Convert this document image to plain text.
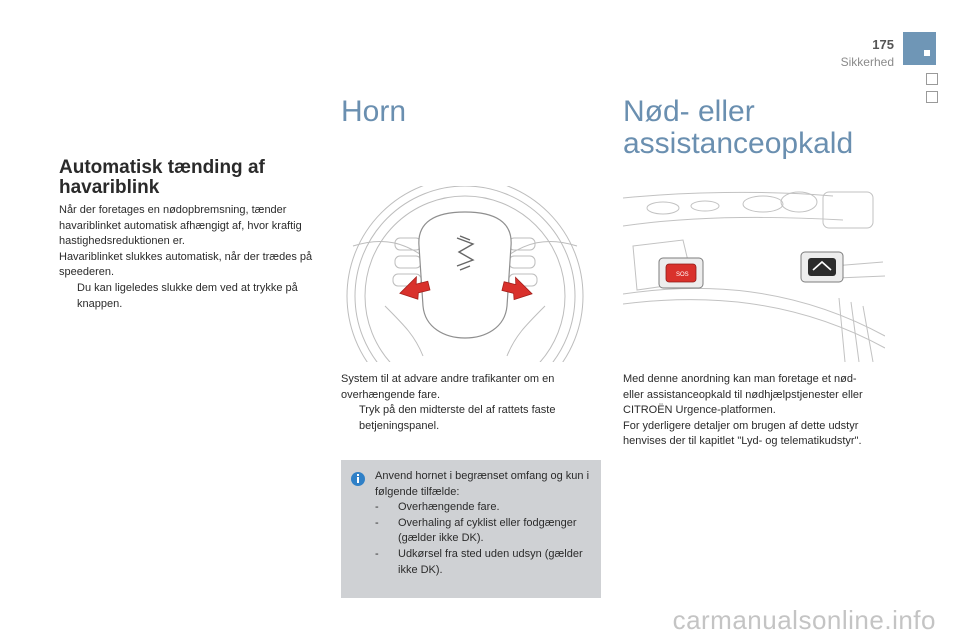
175
Sikkerhed
Automatisk tænding af
havariblink

Når der foretages en nødopbremsning, tænder havariblinket automatisk afhængigt af, hvor kraftig hastighedsreduktionen er.

Havariblinket slukkes automatisk, når der trædes på speederen.

Du kan ligeledes slukke dem ved at trykke på knappen.
Horn

System til at advare andre trafikanter om en overhængende fare.

Tryk på den midterste del af rattets faste betjeningspanel.

Anvend hornet i begrænset omfang og kun i følgende tilfælde:

- Overhængende fare.
- Overhaling af cyklist eller fodgænger (gælder ikke DK).
- Udkørsel fra sted uden udsyn (gælder ikke DK).
Nød- eller
assistanceopkald
SOS

Med denne anordning kan man foretage et nød- eller assistanceopkald til nødhjælpstjenester eller CITROËN Urgence-platformen.

For yderligere detaljer om brugen af dette udstyr henvises der til kapitlet "Lyd- og telematikudstyr".

carmanualsonline.info
